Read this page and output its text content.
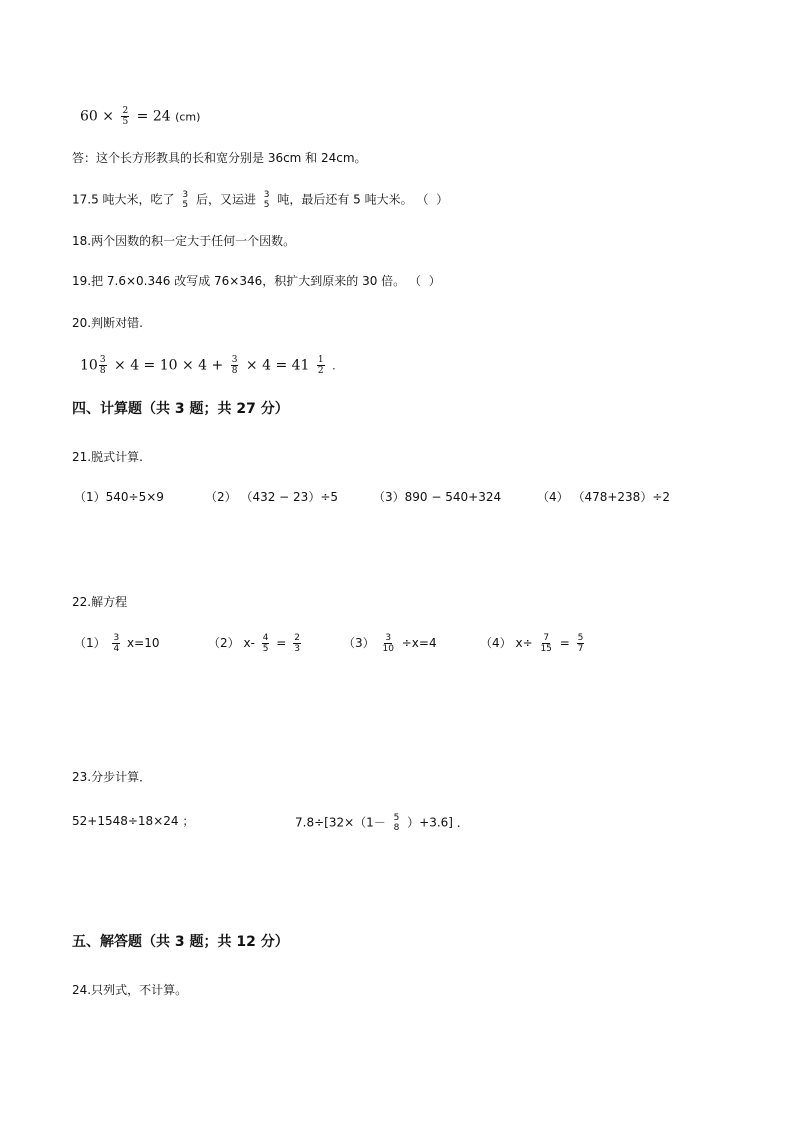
$60 \times \frac{2}{5} = 24$ (cm)
答：这个长方形教具的长和宽分别是 36cm 和 24cm。
17.5 吨大米，吃了 3
5 后，又运进 3
5 吨，最后还有 5 吨大米。 （ ）
18.两个因数的积一定大于任何一个因数。
19.把 7.6×0.346 改写成 76×346，积扩大到原来的 30 倍。 （ ）
20.判断对错.
$10 \frac{3}{8} \times 4 = 10 \times 4 + \frac{3}{8} \times 4 = 41 \frac{1}{2}$ .
四、计算题（共 3 题；共 27 分）
21.脱式计算.
（1）540÷5×9	（2） （432 − 23）÷5	（3）890 − 540+324	（4） （478+238）÷2
22.解方程
$(1) \frac{3}{4} x=10$	（2） $x- \frac{4}{5} = \frac{2}{3}$	$(3) \frac{3}{10} \div x=4$	（4） $x\div \frac{7}{15} = \frac{5}{7}$
23.分步计算．
52+1548÷18×24 ；	7.8÷[32×（1－ 5
8 ）+3.6] ．
五、解答题（共 3 题；共 12 分）
24.只列式，不计算。
